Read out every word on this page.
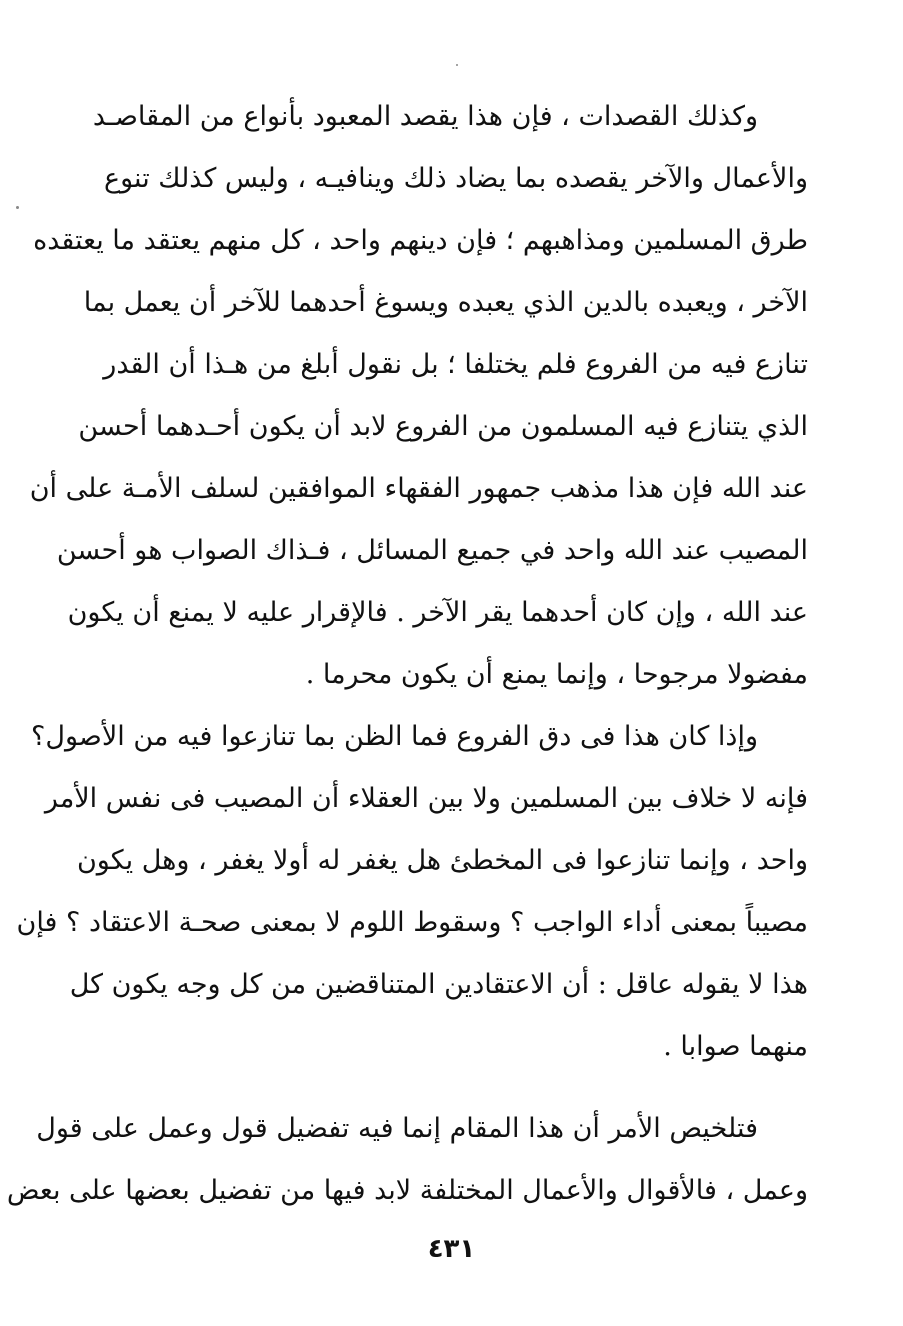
وكذلك القصدات ، فإن هذا يقصد المعبود بأنواع من المقاصـد
والأعمال والآخر يقصده بما يضاد ذلك وينافيـه ، وليس كذلك تنوع
طرق المسلمين ومذاهبهم ؛ فإن دينهم واحد ، كل منهم يعتقد ما يعتقده
الآخر ، ويعبده بالدين الذي يعبده ويسوغ أحدهما للآخر أن يعمل بما
تنازع فيه من الفروع فلم يختلفا ؛ بل نقول أبلغ من هـذا أن القدر
الذي يتنازع فيه المسلمون من الفروع لابد أن يكون أحـدهما أحسن
عند الله فإن هذا مذهب جمهور الفقهاء الموافقين لسلف الأمـة على أن
المصيب عند الله واحد في جميع المسائل ، فـذاك الصواب هو أحسن
عند الله ، وإن كان أحدهما يقر الآخر . فالإقرار عليه لا يمنع أن يكون
مفضولا مرجوحا ، وإنما يمنع أن يكون محرما .
وإذا كان هذا فى دق الفروع فما الظن بما تنازعوا فيه من الأصول؟
فإنه لا خلاف بين المسلمين ولا بين العقلاء أن المصيب فى نفس الأمر
واحد ، وإنما تنازعوا فى المخطئ هل يغفر له أولا يغفر ، وهل يكون
مصيباً بمعنى أداء الواجب ؟ وسقوط اللوم لا بمعنى صحـة الاعتقاد ؟ فإن
هذا لا يقوله عاقل : أن الاعتقادين المتناقضين من كل وجه يكون كل
منهما صوابا .
فتلخيص الأمر أن هذا المقام إنما فيه تفضيل قول وعمل على قول
وعمل ، فالأقوال والأعمال المختلفة لابد فيها من تفضيل بعضها على بعض
٤٣١
